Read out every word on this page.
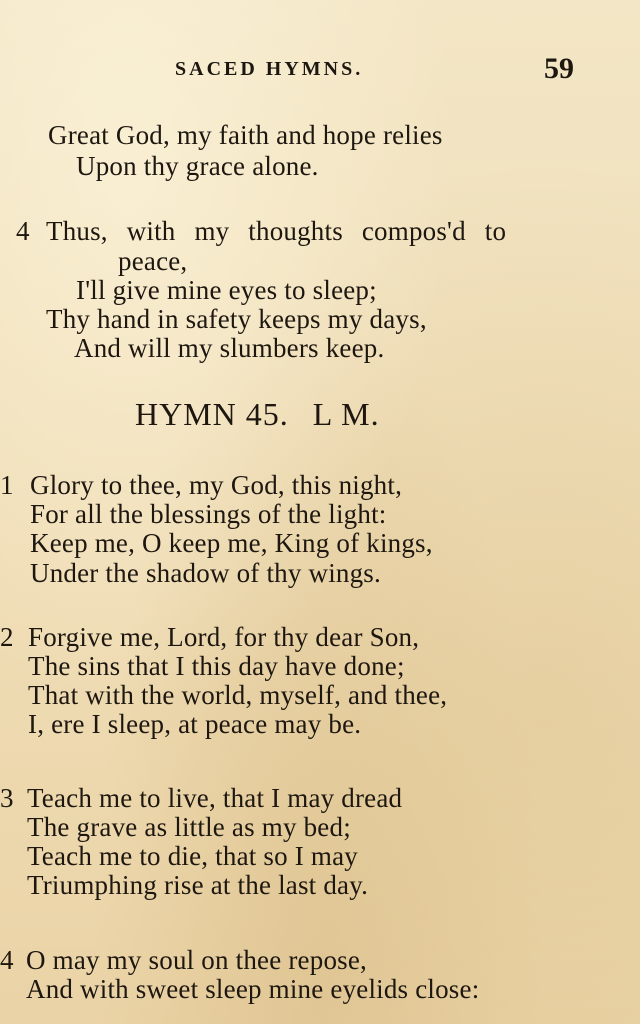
SACED HYMNS.	59
Great God, my faith and hope relies
Upon thy grace alone.
4 Thus, with my thoughts compos'd to
peace,
I'll give mine eyes to sleep;
Thy hand in safety keeps my days,
And will my slumbers keep.
HYMN 45. L M.
1 Glory to thee, my God, this night,
For all the blessings of the light:
Keep me, O keep me, King of kings,
Under the shadow of thy wings.
2 Forgive me, Lord, for thy dear Son,
The sins that I this day have done;
That with the world, myself, and thee,
I, ere I sleep, at peace may be.
3 Teach me to live, that I may dread
The grave as little as my bed;
Teach me to die, that so I may
Triumphing rise at the last day.
4 O may my soul on thee repose,
And with sweet sleep mine eyelids close:
